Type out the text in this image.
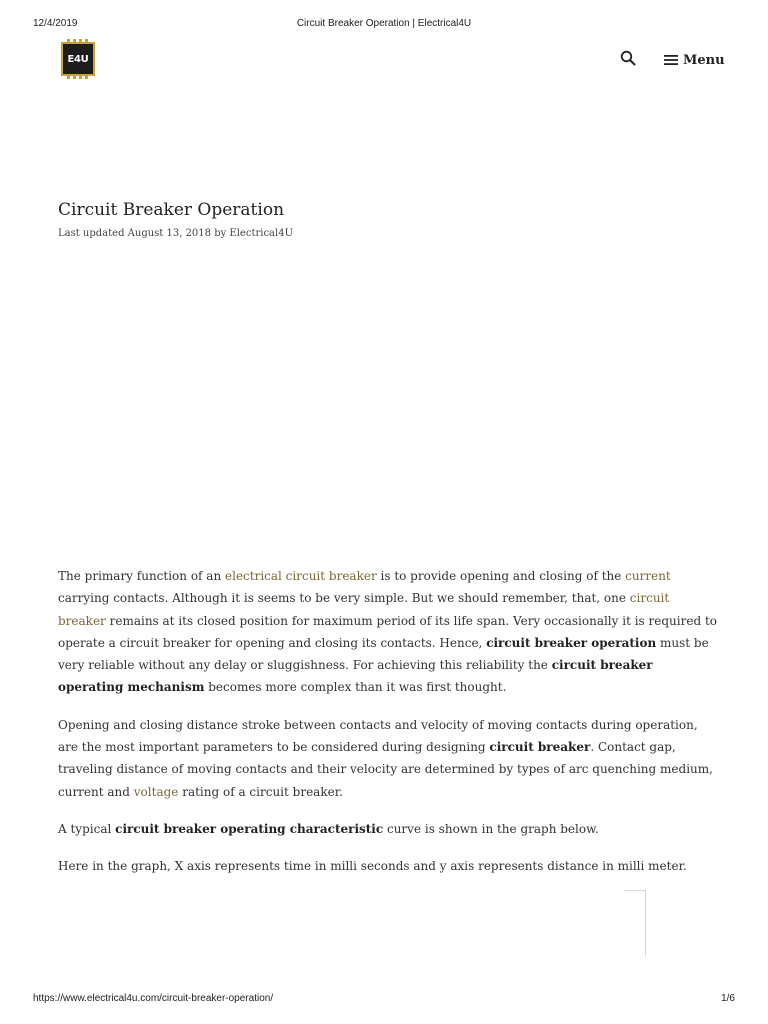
12/4/2019	Circuit Breaker Operation | Electrical4U
E4U	Menu
Circuit Breaker Operation
Last updated August 13, 2018 by Electrical4U

The primary function of an electrical circuit breaker is to provide opening and closing of the current carrying contacts. Although it is seems to be very simple. But we should remember, that, one circuit breaker remains at its closed position for maximum period of its life span. Very occasionally it is required to operate a circuit breaker for opening and closing its contacts. Hence, circuit breaker operation must be very reliable without any delay or sluggishness. For achieving this reliability the circuit breaker operating mechanism becomes more complex than it was first thought.

Opening and closing distance stroke between contacts and velocity of moving contacts during operation, are the most important parameters to be considered during designing circuit breaker. Contact gap, traveling distance of moving contacts and their velocity are determined by types of arc quenching medium, current and voltage rating of a circuit breaker.

A typical circuit breaker operating characteristic curve is shown in the graph below.

Here in the graph, X axis represents time in milli seconds and y axis represents distance in milli meter.

https://www.electrical4u.com/circuit-breaker-operation/	1/6
